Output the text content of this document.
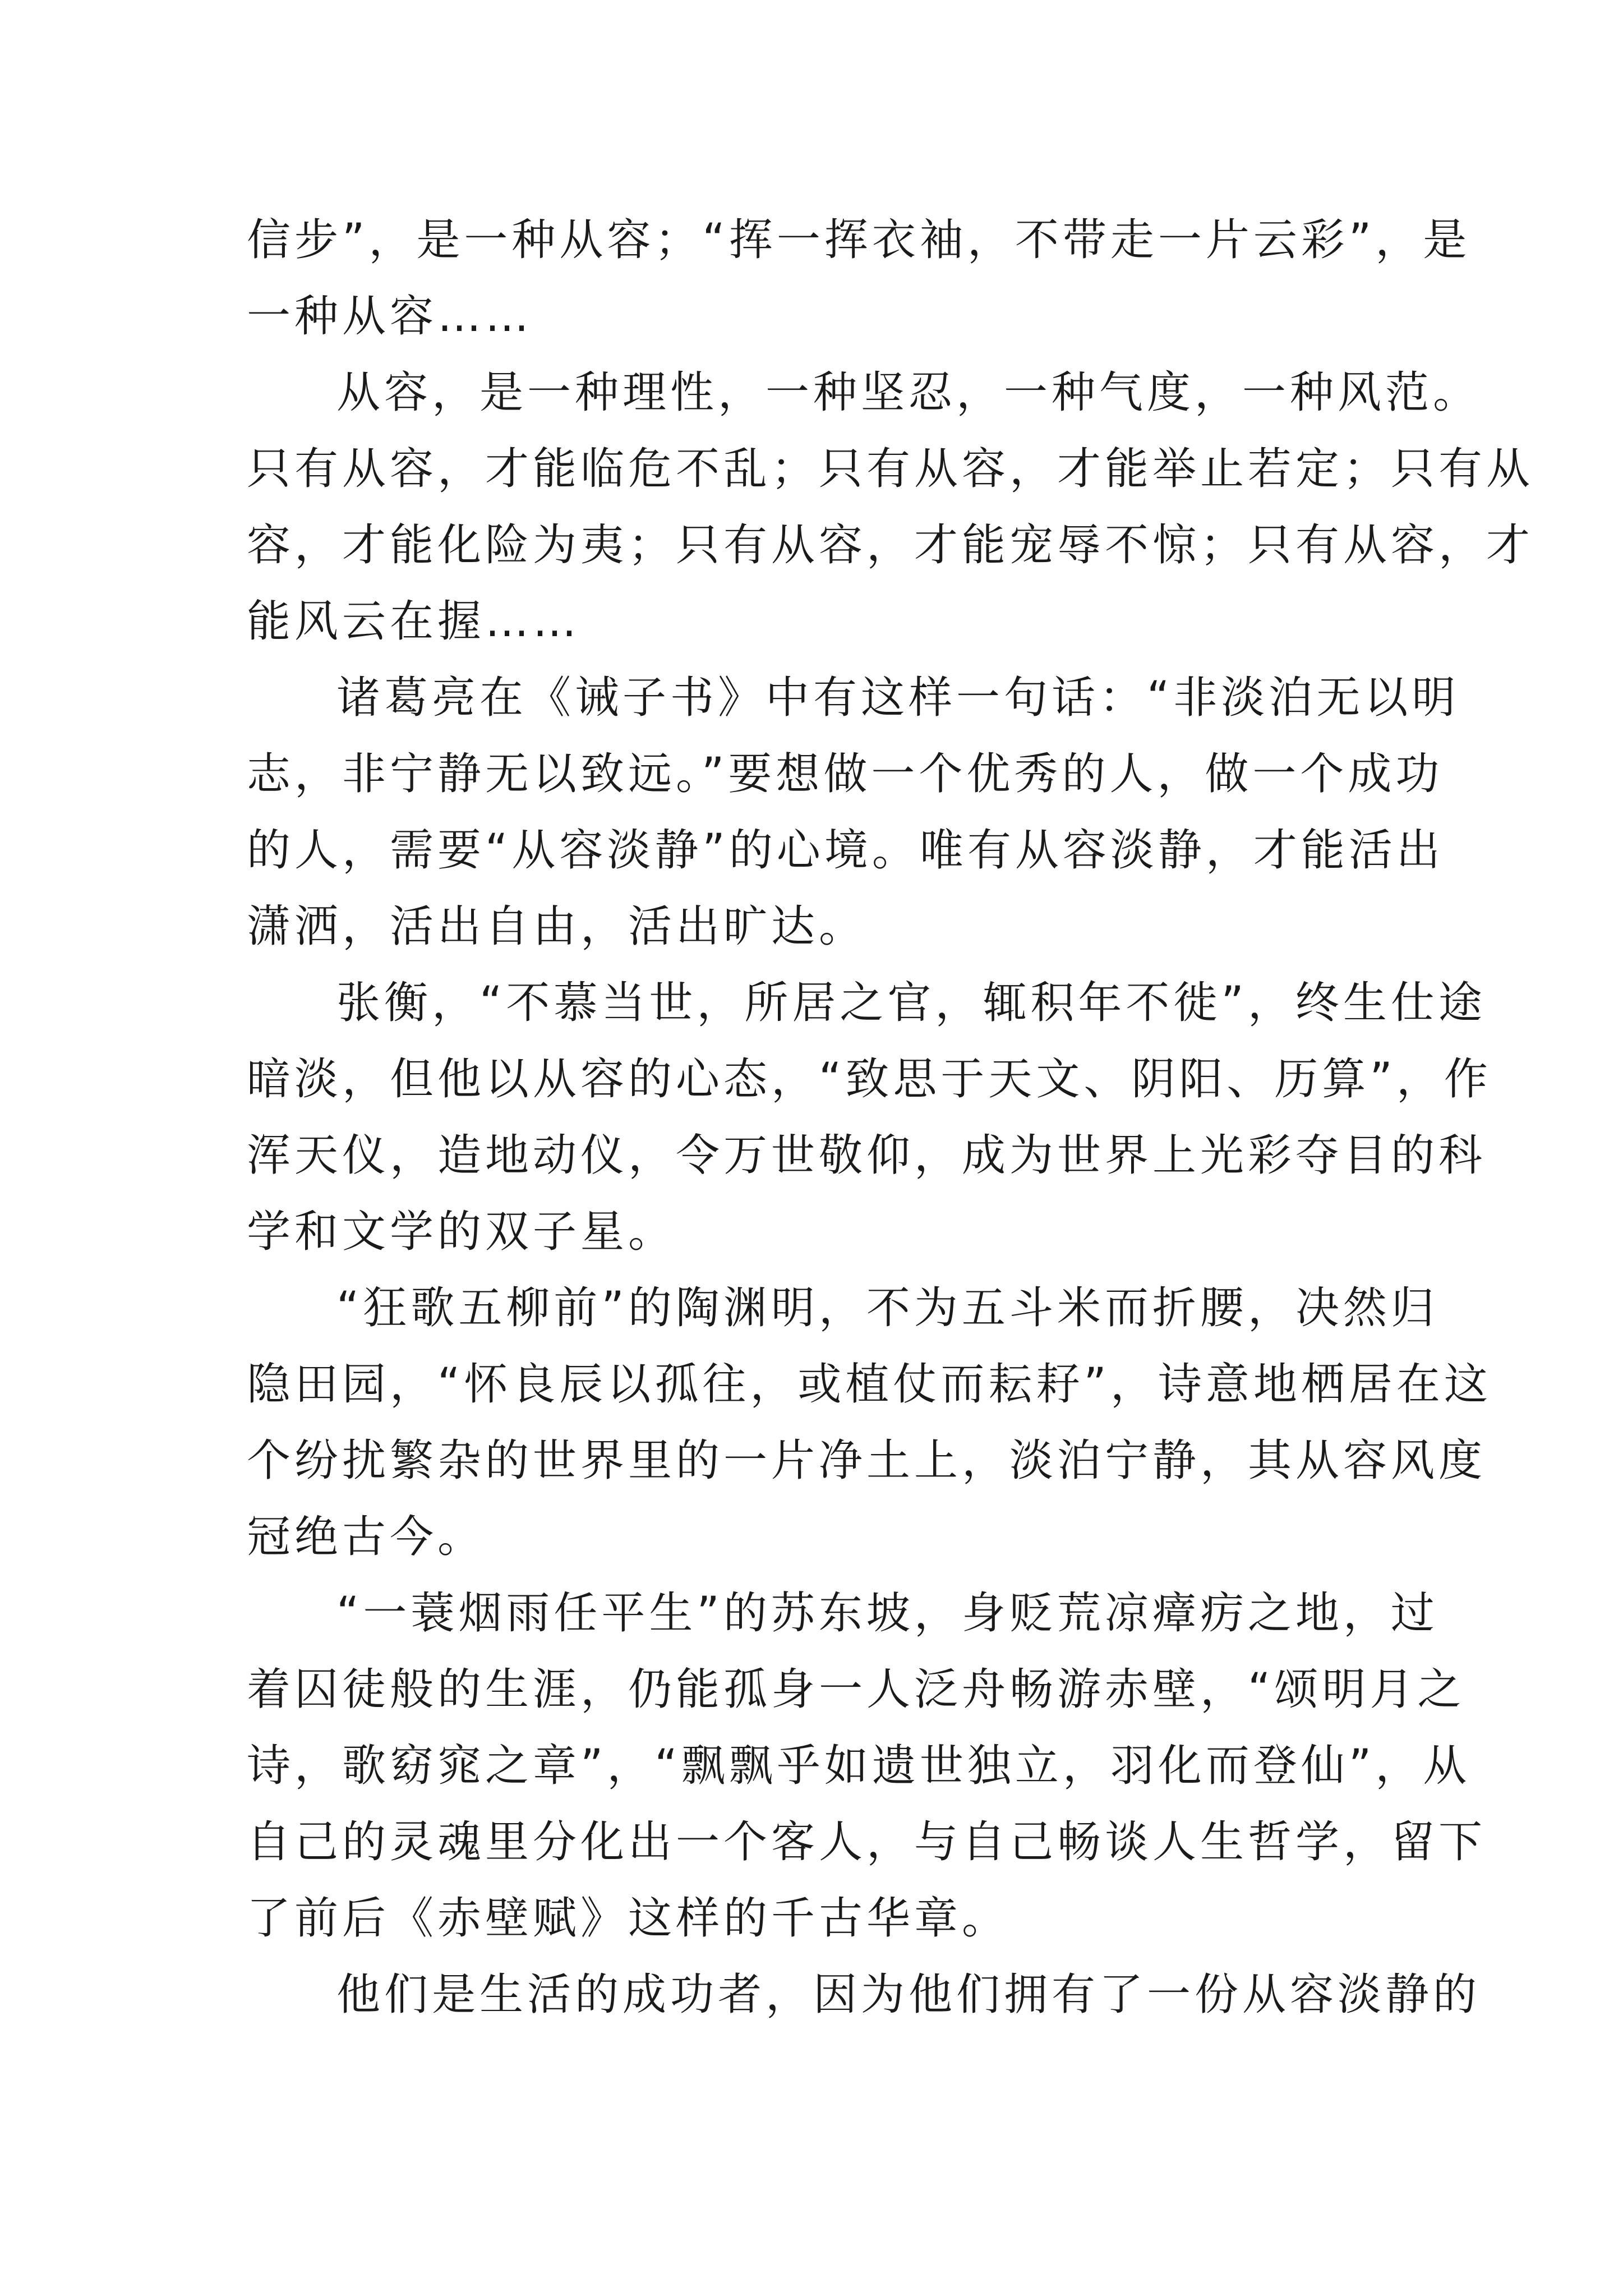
信步”，是一种从容；“挥一挥衣袖，不带走一片云彩”，是
一种从容……
从容，是一种理性，一种坚忍，一种气度，一种风范。
只有从容，才能临危不乱；只有从容，才能举止若定；只有从
容，才能化险为夷；只有从容，才能宠辱不惊；只有从容，才
能风云在握……
诸葛亮在《诫子书》中有这样一句话：“非淡泊无以明
志，非宁静无以致远。”要想做一个优秀的人，做一个成功
的人，需要“从容淡静”的心境。唯有从容淡静，才能活出
潇洒，活出自由，活出旷达。
张衡，“不慕当世，所居之官，辄积年不徙”，终生仕途
暗淡，但他以从容的心态，“致思于天文、阴阳、历算”，作
浑天仪，造地动仪，令万世敬仰，成为世界上光彩夺目的科
学和文学的双子星。
“狂歌五柳前”的陶渊明，不为五斗米而折腰，决然归
隐田园，“怀良辰以孤往，或植仗而耘耔”，诗意地栖居在这
个纷扰繁杂的世界里的一片净土上，淡泊宁静，其从容风度
冠绝古今。
“一蓑烟雨任平生”的苏东坡，身贬荒凉瘴疠之地，过
着囚徒般的生涯，仍能孤身一人泛舟畅游赤壁，“颂明月之
诗，歌窈窕之章”，“飘飘乎如遗世独立，羽化而登仙”，从
自己的灵魂里分化出一个客人，与自己畅谈人生哲学，留下
了前后《赤壁赋》这样的千古华章。
他们是生活的成功者，因为他们拥有了一份从容淡静的
